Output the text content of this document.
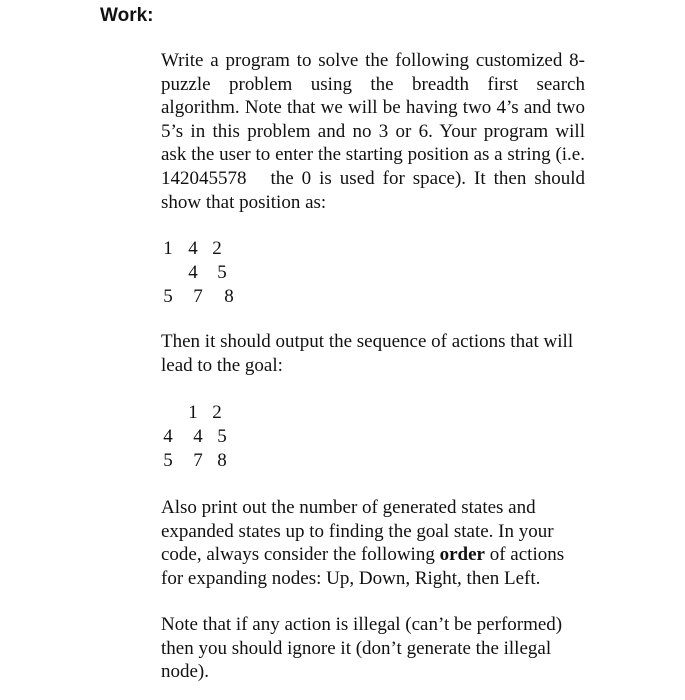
Work:

Write a program to solve the following customized 8-puzzle problem using the breadth first search algorithm. Note that we will be having two 4’s and two 5’s in this problem and no 3 or 6. Your program will ask the user to enter the starting position as a string (i.e. 142045578   the 0 is used for space). It then should show that position as:

1 4 2
4 5
5 7 8

Then it should output the sequence of actions that will lead to the goal:

1 2
4 4 5
5 7 8

Also print out the number of generated states and expanded states up to finding the goal state. In your code, always consider the following order of actions for expanding nodes: Up, Down, Right, then Left.

Note that if any action is illegal (can’t be performed) then you should ignore it (don’t generate the illegal node).
